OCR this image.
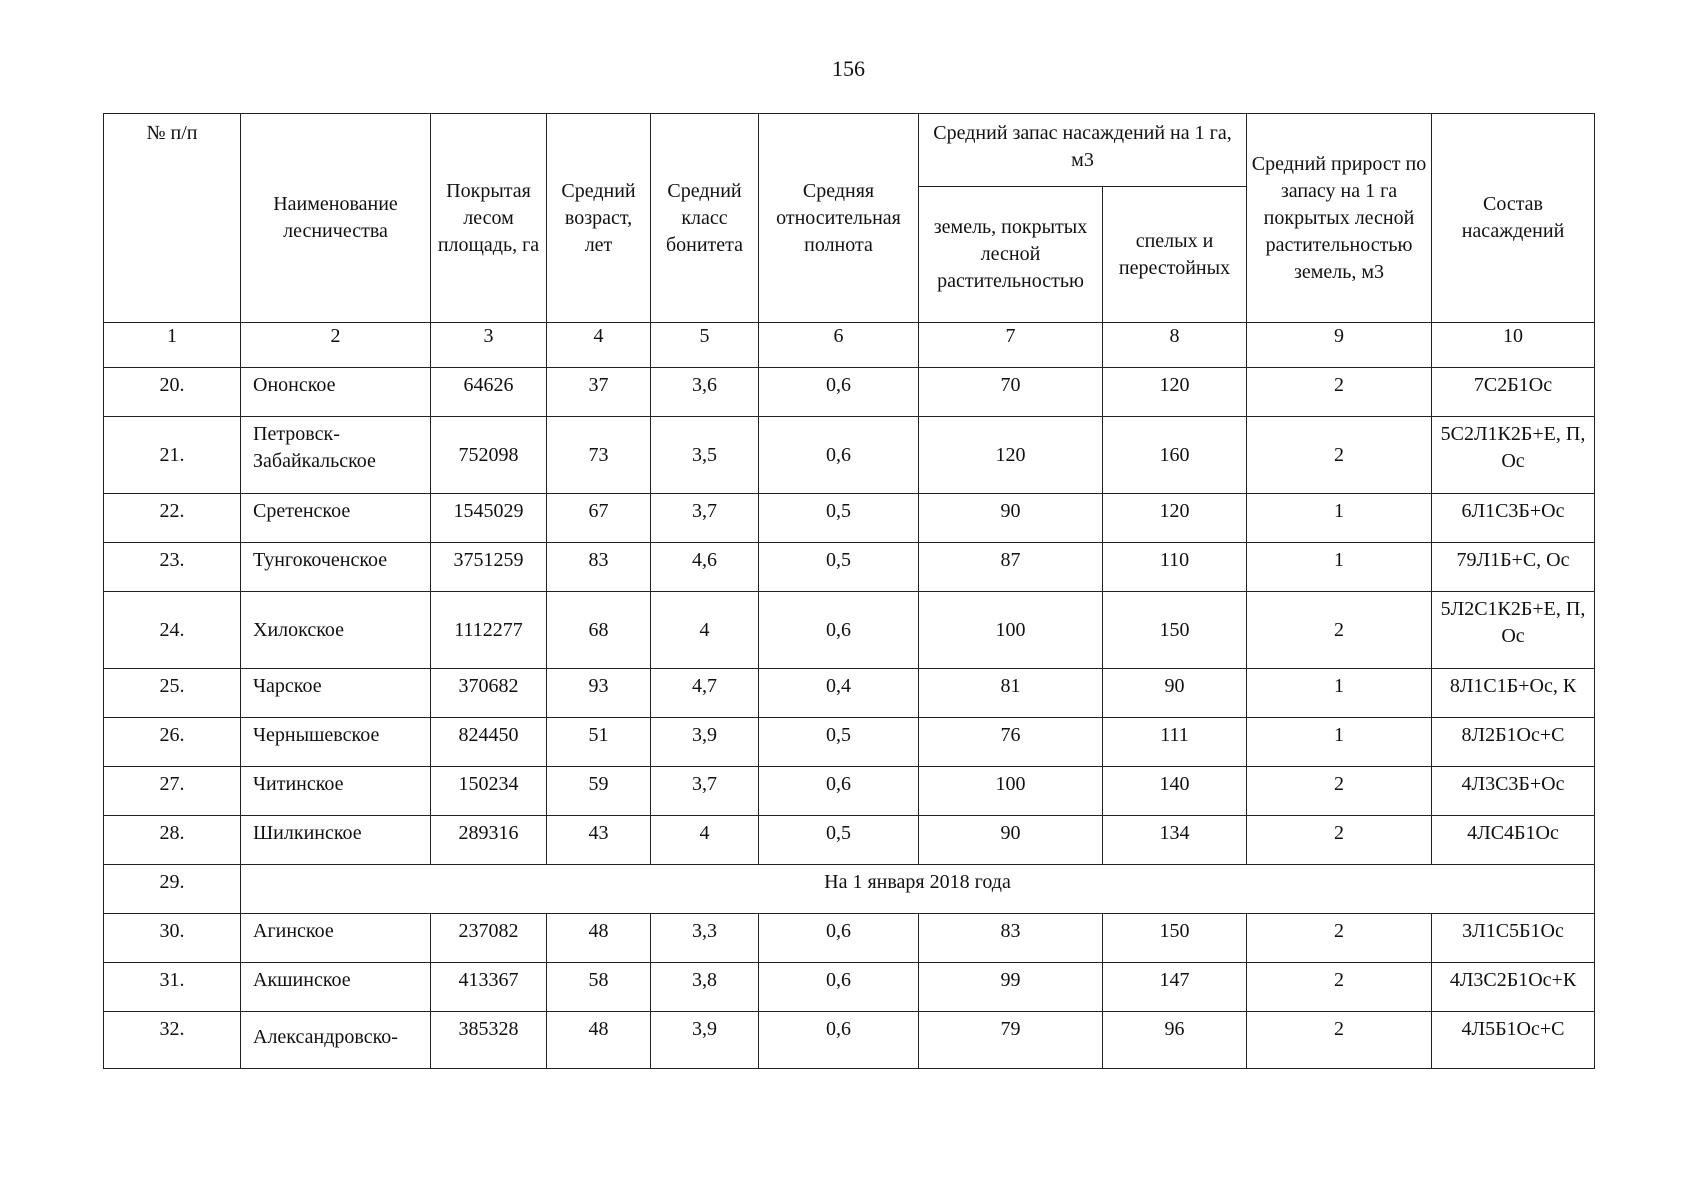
156
№ п/п	Наименование лесничества	Покрытая лесом площадь, га	Средний возраст, лет	Средний класс бонитета	Средняя относительная полнота	Средний запас насаждений на 1 га, м3		Средний прирост по запасу на 1 га покрытых лесной растительностью земель, м3	Состав насаждений
						земель, покрытых лесной растительностью	спелых и перестойных		
1	2	3	4	5	6	7	8	9	10
20.	Ононское	64626	37	3,6	0,6	70	120	2	7С2Б1Ос
21.	Петровск-Забайкальское	752098	73	3,5	0,6	120	160	2	5С2Л1К2Б+Е, П, Ос
22.	Сретенское	1545029	67	3,7	0,5	90	120	1	6Л1С3Б+Ос
23.	Тунгокоченское	3751259	83	4,6	0,5	87	110	1	79Л1Б+С, Ос
24.	Хилокское	1112277	68	4	0,6	100	150	2	5Л2С1К2Б+Е, П, Ос
25.	Чарское	370682	93	4,7	0,4	81	90	1	8Л1С1Б+Ос, К
26.	Чернышевское	824450	51	3,9	0,5	76	111	1	8Л2Б1Ос+С
27.	Читинское	150234	59	3,7	0,6	100	140	2	4Л3С3Б+Ос
28.	Шилкинское	289316	43	4	0,5	90	134	2	4ЛС4Б1Ос
29.	На 1 января 2018 года								
30.	Агинское	237082	48	3,3	0,6	83	150	2	3Л1С5Б1Ос
31.	Акшинское	413367	58	3,8	0,6	99	147	2	4Л3С2Б1Ос+К
32.	Александровско-	385328	48	3,9	0,6	79	96	2	4Л5Б1Ос+С
